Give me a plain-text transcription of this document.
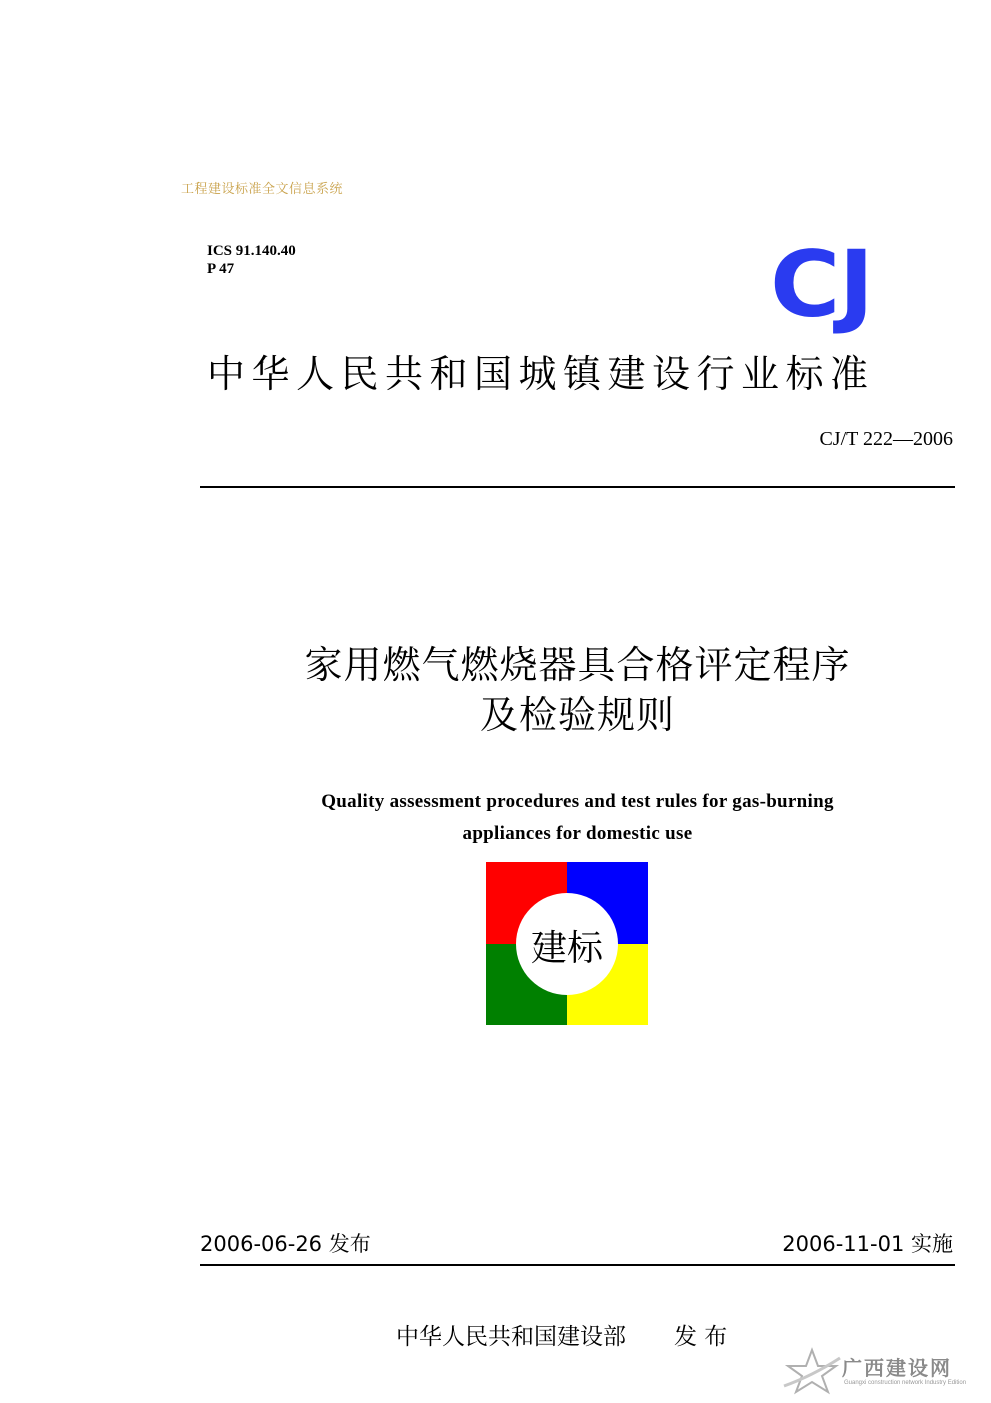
工程建设标准全文信息系统
ICS 91.140.40
P 47	CJ
中华人民共和国城镇建设行业标准
CJ/T 222—2006
家用燃气燃烧器具合格评定程序
及检验规则
Quality assessment procedures and test rules for gas-burning
appliances for domestic use
建标
2006-06-26 发布	2006-11-01 实施
中华人民共和国建设部 发 布
广西建设网
Guangxi construction network Industry Edition
